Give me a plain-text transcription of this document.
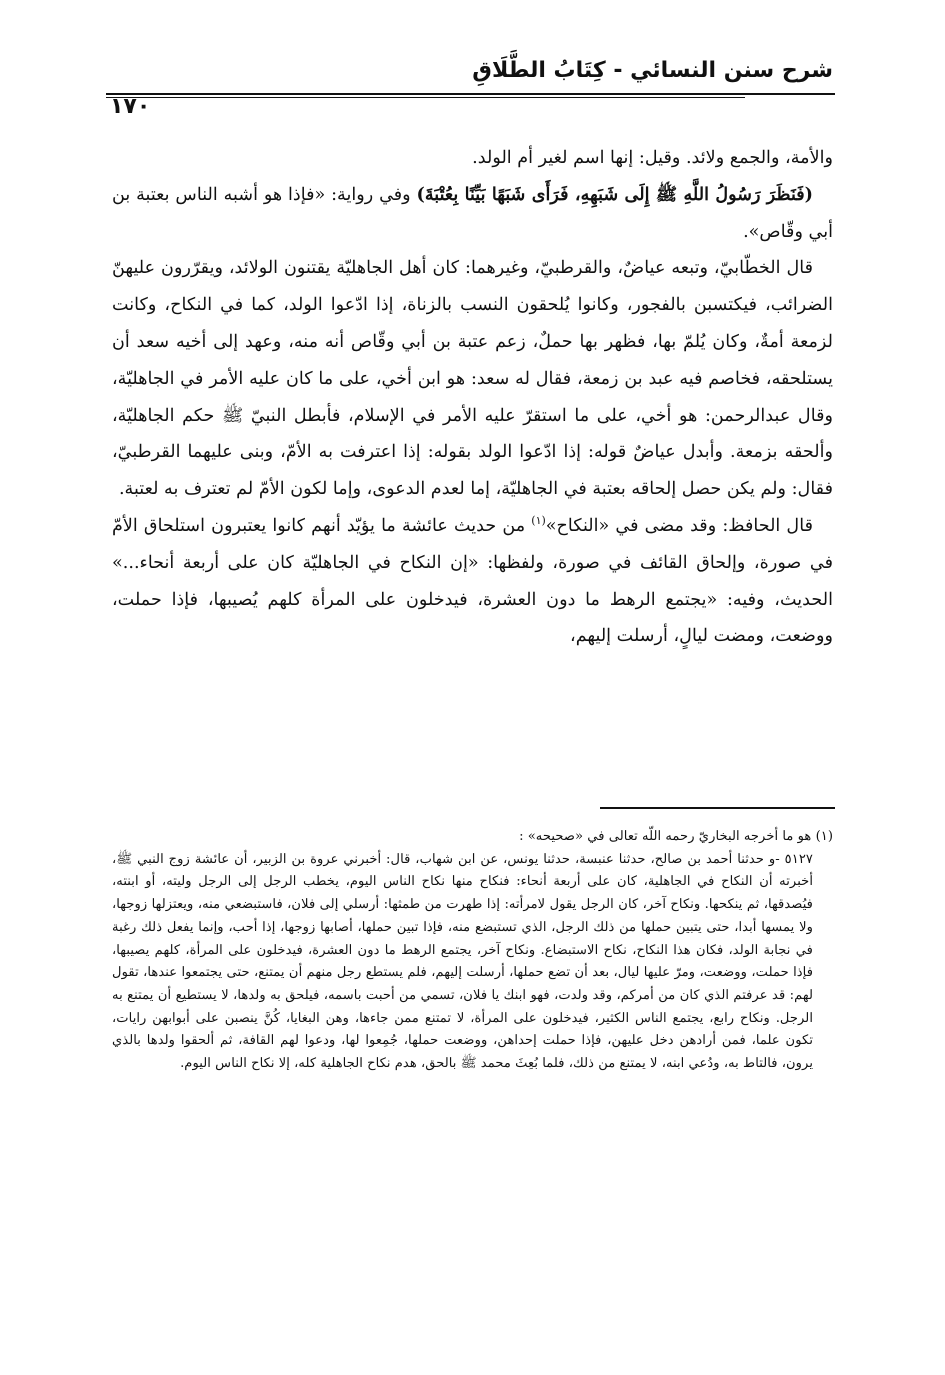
شرح سنن النسائي - كِتَابُ الطَّلَاقِ
١٧٠

والأمة، والجمع ولائد. وقيل: إنها اسم لغير أم الولد.

(فَنَظَرَ رَسُولُ اللَّهِ ﷺ إِلَى شَبَهِهِ، فَرَأَى شَبَهًا بَيِّنًا بِعُتْبَةَ) وفي رواية: «فإذا هو أشبه الناس بعتبة بن أبي وقّاص».

قال الخطّابيّ، وتبعه عياضٌ، والقرطبيّ، وغيرهما: كان أهل الجاهليّة يقتنون الولائد، ويقرّرون عليهنّ الضرائب، فيكتسبن بالفجور، وكانوا يُلحقون النسب بالزناة، إذا ادّعوا الولد، كما في النكاح، وكانت لزمعة أمةٌ، وكان يُلمّ بها، فظهر بها حملٌ، زعم عتبة بن أبي وقّاص أنه منه، وعهد إلى أخيه سعد أن يستلحقه، فخاصم فيه عبد بن زمعة، فقال له سعد: هو ابن أخي، على ما كان عليه الأمر في الجاهليّة، وقال عبدالرحمن: هو أخي، على ما استقرّ عليه الأمر في الإسلام، فأبطل النبيّ ﷺ حكم الجاهليّة، وألحقه بزمعة. وأبدل عياضٌ قوله: إذا ادّعوا الولد بقوله: إذا اعترفت به الأمّ، وبنى عليهما القرطبيّ، فقال: ولم يكن حصل إلحاقه بعتبة في الجاهليّة، إما لعدم الدعوى، وإما لكون الأمّ لم تعترف به لعتبة.

قال الحافظ: وقد مضى في «النكاح»$^{(١)}$ من حديث عائشة ما يؤيّد أنهم كانوا يعتبرون استلحاق الأمّ في صورة، وإلحاق القائف في صورة، ولفظها: «إن النكاح في الجاهليّة كان على أربعة أنحاء...» الحديث، وفيه: «يجتمع الرهط ما دون العشرة، فيدخلون على المرأة كلهم يُصيبها، فإذا حملت، ووضعت، ومضت ليالٍ، أرسلت إليهم،

(١) هو ما أخرجه البخاريّ رحمه اللّه تعالى في «صحيحه» :

٥١٢٧ -و حدثنا أحمد بن صالح، حدثنا عنبسة، حدثنا يونس، عن ابن شهاب، قال: أخبرني عروة بن الزبير، أن عائشة زوج النبي ﷺ، أخبرته أن النكاح في الجاهلية، كان على أربعة أنحاء: فنكاح منها نكاح الناس اليوم، يخطب الرجل إلى الرجل وليته، أو ابنته، فيُصدقها، ثم ينكحها. ونكاح آخر، كان الرجل يقول لامرأته: إذا طهرت من طمثها: أرسلي إلى فلان، فاستبضعي منه، ويعتزلها زوجها، ولا يمسها أبدا، حتى يتبين حملها من ذلك الرجل، الذي تستبضع منه، فإذا تبين حملها، أصابها زوجها، إذا أحب، وإنما يفعل ذلك رغبة في نجابة الولد، فكان هذا النكاح، نكاح الاستبضاع. ونكاح آخر، يجتمع الرهط ما دون العشرة، فيدخلون على المرأة، كلهم يصيبها، فإذا حملت، ووضعت، ومرّ عليها ليال، بعد أن تضع حملها، أرسلت إليهم، فلم يستطع رجل منهم أن يمتنع، حتى يجتمعوا عندها، تقول لهم: قد عرفتم الذي كان من أمركم، وقد ولدت، فهو ابنك يا فلان، تسمي من أحبت باسمه، فيلحق به ولدها، لا يستطيع أن يمتنع به الرجل. ونكاح رابع، يجتمع الناس الكثير، فيدخلون على المرأة، لا تمتنع ممن جاءها، وهن البغايا، كُنَّ ينصبن على أبوابهن رايات، تكون علما، فمن أرادهن دخل عليهن، فإذا حملت إحداهن، ووضعت حملها، جُمِعوا لها، ودعوا لهم القافة، ثم ألحقوا ولدها بالذي يرون، فالتاط به، ودُعي ابنه، لا يمتنع من ذلك، فلما بُعِثَ محمد ﷺ بالحق، هدم نكاح الجاهلية كله، إلا نكاح الناس اليوم.
